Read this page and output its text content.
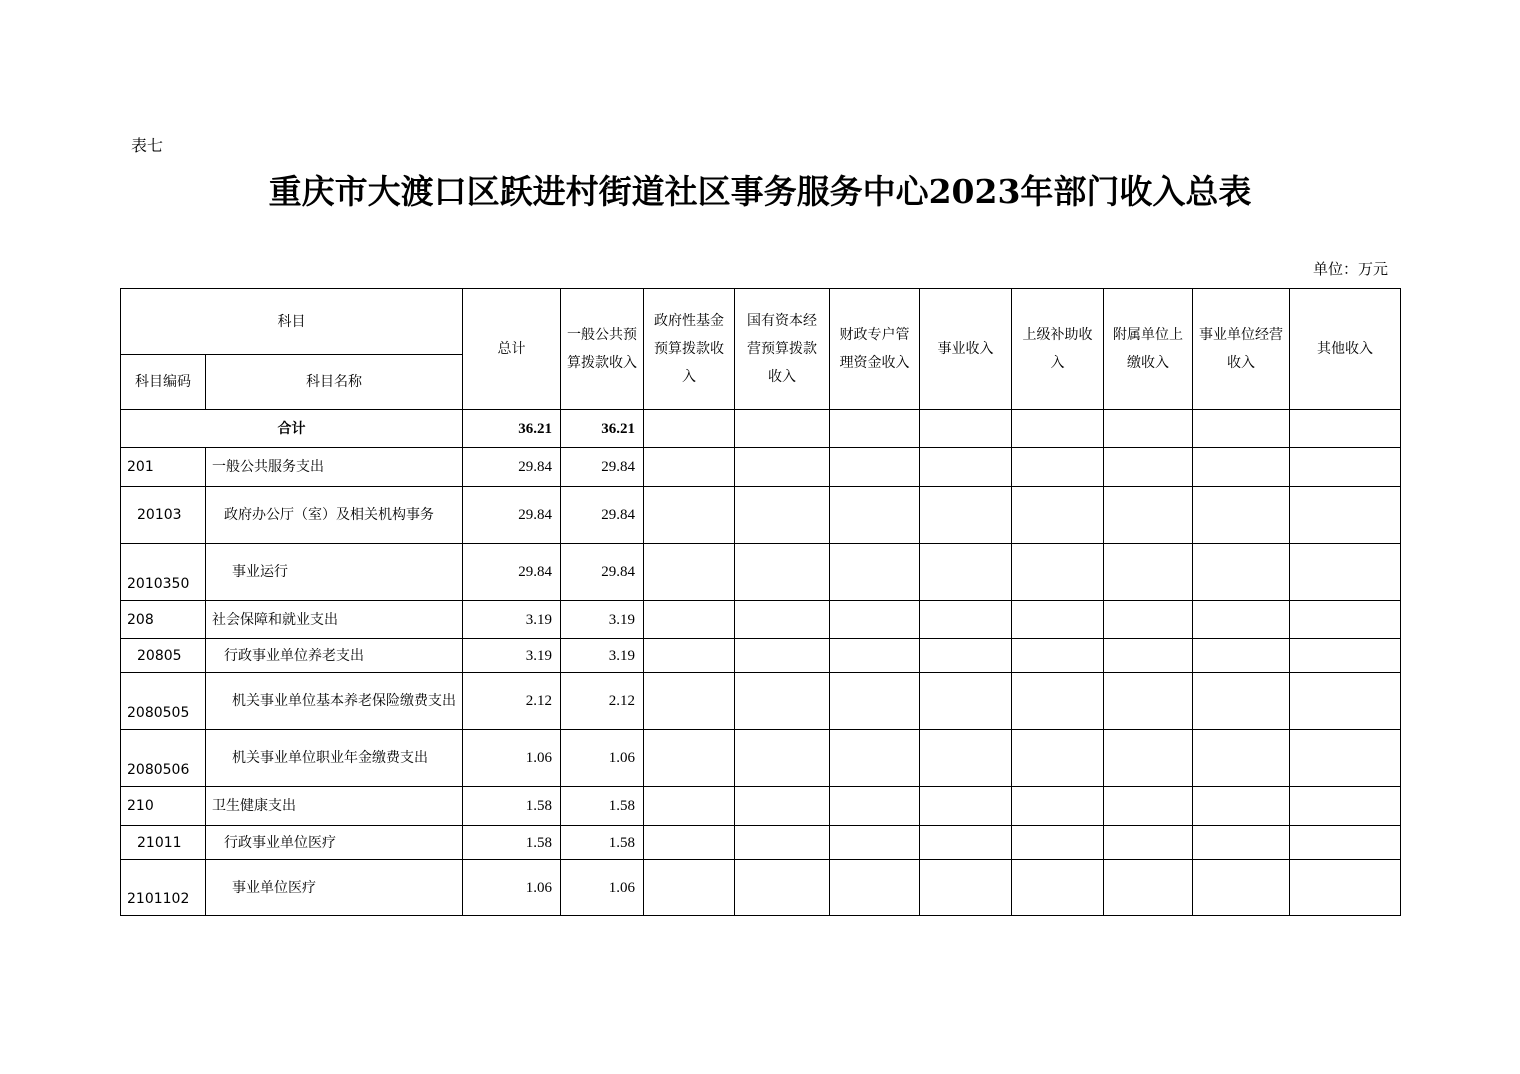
表七
重庆市大渡口区跃进村街道社区事务服务中心2023年部门收入总表
单位：万元
科目		总计	一般公共预算拨款收入	政府性基金预算拨款收入	国有资本经营预算拨款收入	财政专户管理资金收入	事业收入	上级补助收入	附属单位上缴收入	事业单位经营收入	其他收入
科目编码	科目名称										
合计		36.21	36.21								
201	一般公共服务支出	29.84	29.84								
20103	政府办公厅（室）及相关机构事务	29.84	29.84								
2010350	事业运行	29.84	29.84								
208	社会保障和就业支出	3.19	3.19								
20805	行政事业单位养老支出	3.19	3.19								
2080505	机关事业单位基本养老保险缴费支出	2.12	2.12								
2080506	机关事业单位职业年金缴费支出	1.06	1.06								
210	卫生健康支出	1.58	1.58								
21011	行政事业单位医疗	1.58	1.58								
2101102	事业单位医疗	1.06	1.06								
